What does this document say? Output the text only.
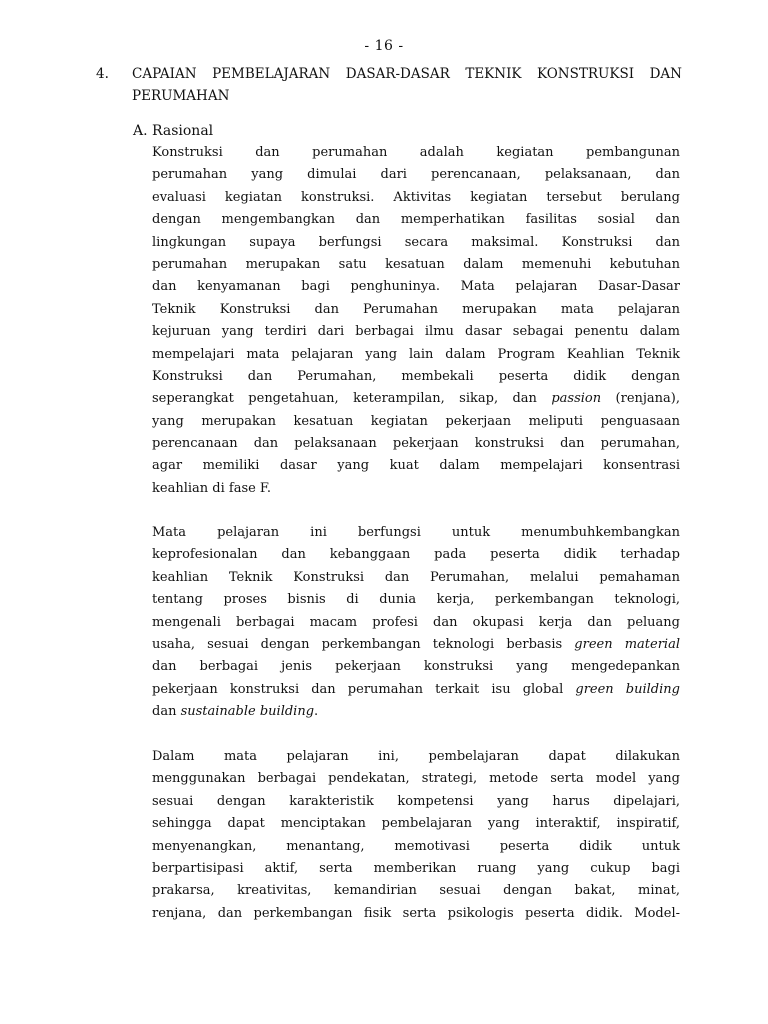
- 16 -
4. CAPAIAN PEMBELAJARAN DASAR-DASAR TEKNIK KONSTRUKSI DAN
PERUMAHAN
A. Rasional
Konstruksi dan perumahan adalah kegiatan pembangunan
perumahan yang dimulai dari perencanaan, pelaksanaan, dan
evaluasi kegiatan konstruksi. Aktivitas kegiatan tersebut berulang
dengan mengembangkan dan memperhatikan fasilitas sosial dan
lingkungan supaya berfungsi secara maksimal. Konstruksi dan
perumahan merupakan satu kesatuan dalam memenuhi kebutuhan
dan kenyamanan bagi penghuninya. Mata pelajaran Dasar-Dasar
Teknik Konstruksi dan Perumahan merupakan mata pelajaran
kejuruan yang terdiri dari berbagai ilmu dasar sebagai penentu dalam
mempelajari mata pelajaran yang lain dalam Program Keahlian Teknik
Konstruksi dan Perumahan, membekali peserta didik dengan
seperangkat pengetahuan, keterampilan, sikap, dan passion (renjana),
yang merupakan kesatuan kegiatan pekerjaan meliputi penguasaan
perencanaan dan pelaksanaan pekerjaan konstruksi dan perumahan,
agar memiliki dasar yang kuat dalam mempelajari konsentrasi
keahlian di fase F.
Mata pelajaran ini berfungsi untuk menumbuhkembangkan
keprofesionalan dan kebanggaan pada peserta didik terhadap
keahlian Teknik Konstruksi dan Perumahan, melalui pemahaman
tentang proses bisnis di dunia kerja, perkembangan teknologi,
mengenali berbagai macam profesi dan okupasi kerja dan peluang
usaha, sesuai dengan perkembangan teknologi berbasis green material
dan berbagai jenis pekerjaan konstruksi yang mengedepankan
pekerjaan konstruksi dan perumahan terkait isu global green building
dan sustainable building.
Dalam mata pelajaran ini, pembelajaran dapat dilakukan
menggunakan berbagai pendekatan, strategi, metode serta model yang
sesuai dengan karakteristik kompetensi yang harus dipelajari,
sehingga dapat menciptakan pembelajaran yang interaktif, inspiratif,
menyenangkan, menantang, memotivasi peserta didik untuk
berpartisipasi aktif, serta memberikan ruang yang cukup bagi
prakarsa, kreativitas, kemandirian sesuai dengan bakat, minat,
renjana, dan perkembangan fisik serta psikologis peserta didik. Model-
